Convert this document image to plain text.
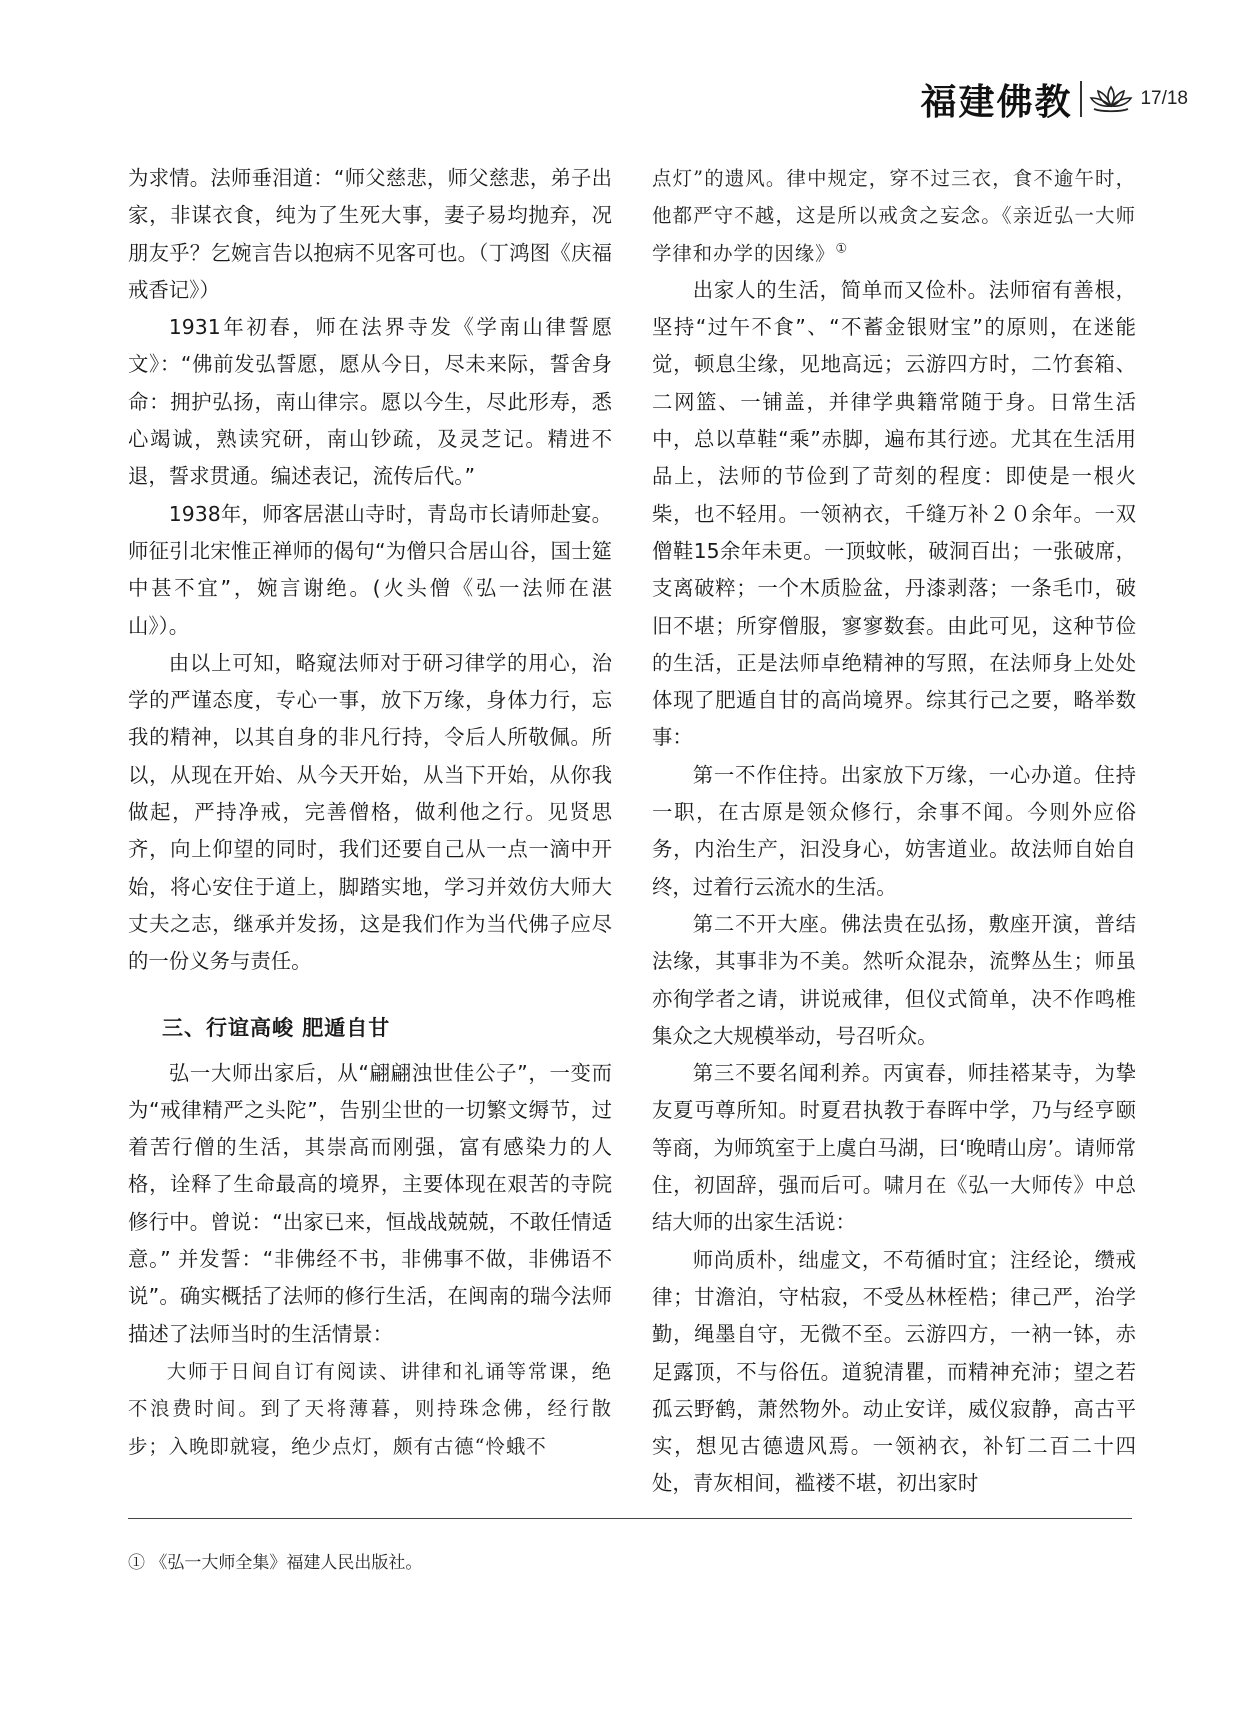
福建佛教	17/18

为求情。法师垂泪道：“师父慈悲，师父慈悲，弟子出家，非谋衣食，纯为了生死大事，妻子易均抛弃，况朋友乎？乞婉言告以抱病不见客可也。（丁鸿图《庆福戒香记》）

1931年初春，师在法界寺发《学南山律誓愿文》：“佛前发弘誓愿，愿从今日，尽未来际，誓舍身命：拥护弘扬，南山律宗。愿以今生，尽此形寿，悉心竭诚，熟读究研，南山钞疏，及灵芝记。精进不退，誓求贯通。编述表记，流传后代。”

1938年，师客居湛山寺时，青岛市长请师赴宴。师征引北宋惟正禅师的偈句“为僧只合居山谷，国士筵中甚不宜”，婉言谢绝。(火头僧《弘一法师在湛山》）。

由以上可知，略窥法师对于研习律学的用心，治学的严谨态度，专心一事，放下万缘，身体力行，忘我的精神，以其自身的非凡行持，令后人所敬佩。所以，从现在开始、从今天开始，从当下开始，从你我做起，严持净戒，完善僧格，做利他之行。见贤思齐，向上仰望的同时，我们还要自己从一点一滴中开始，将心安住于道上，脚踏实地，学习并效仿大师大丈夫之志，继承并发扬，这是我们作为当代佛子应尽的一份义务与责任。

三、行谊高峻 肥遁自甘

弘一大师出家后，从“翩翩浊世佳公子”，一变而为“戒律精严之头陀”，告别尘世的一切繁文缛节，过着苦行僧的生活，其崇高而刚强，富有感染力的人格，诠释了生命最高的境界，主要体现在艰苦的寺院修行中。曾说：“出家已来，恒战战兢兢，不敢任情适意。” 并发誓：“非佛经不书，非佛事不做，非佛语不说”。确实概括了法师的修行生活，在闽南的瑞今法师描述了法师当时的生活情景：

大师于日间自订有阅读、讲律和礼诵等常课，绝不浪费时间。到了天将薄暮，则持珠念佛，经行散步；入晚即就寝，绝少点灯，颇有古德“怜蛾不

点灯”的遗风。律中规定，穿不过三衣，食不逾午时，他都严守不越，这是所以戒贪之妄念。《亲近弘一大师学律和办学的因缘》①

出家人的生活，简单而又俭朴。法师宿有善根，坚持“过午不食”、“不蓄金银财宝”的原则，在迷能觉，顿息尘缘，见地高远；云游四方时，二竹套箱、二网篮、一铺盖，并律学典籍常随于身。日常生活中，总以草鞋“乘”赤脚，遍布其行迹。尤其在生活用品上，法师的节俭到了苛刻的程度：即使是一根火柴，也不轻用。一领衲衣，千缝万补２０余年。一双僧鞋15余年未更。一顶蚊帐，破洞百出；一张破席，支离破粹；一个木质脸盆，丹漆剥落；一条毛巾，破旧不堪；所穿僧服，寥寥数套。由此可见，这种节俭的生活，正是法师卓绝精神的写照，在法师身上处处体现了肥遁自甘的高尚境界。综其行己之要，略举数事：

第一不作住持。出家放下万缘，一心办道。住持一职，在古原是领众修行，余事不闻。今则外应俗务，内治生产，汩没身心，妨害道业。故法师自始自终，过着行云流水的生活。

第二不开大座。佛法贵在弘扬，敷座开演，普结法缘，其事非为不美。然听众混杂，流弊丛生；师虽亦徇学者之请，讲说戒律，但仪式简单，决不作鸣椎集众之大规模举动，号召听众。

第三不要名闻利养。丙寅春，师挂褡某寺，为挚友夏丏尊所知。时夏君执教于春晖中学，乃与经亨颐等商，为师筑室于上虞白马湖，曰‘晚晴山房’。请师常住，初固辞，强而后可。啸月在《弘一大师传》中总结大师的出家生活说：

师尚质朴，绌虚文，不苟循时宜；注经论，缵戒律；甘澹泊，守枯寂，不受丛林桎梏；律己严，治学勤，绳墨自守，无微不至。云游四方，一衲一钵，赤足露顶，不与俗伍。道貌清瞿，而精神充沛；望之若孤云野鹤，萧然物外。动止安详，威仪寂静，高古平实，想见古德遗风焉。一领衲衣，补钉二百二十四处，青灰相间，褴褛不堪，初出家时

① 《弘一大师全集》福建人民出版社。
